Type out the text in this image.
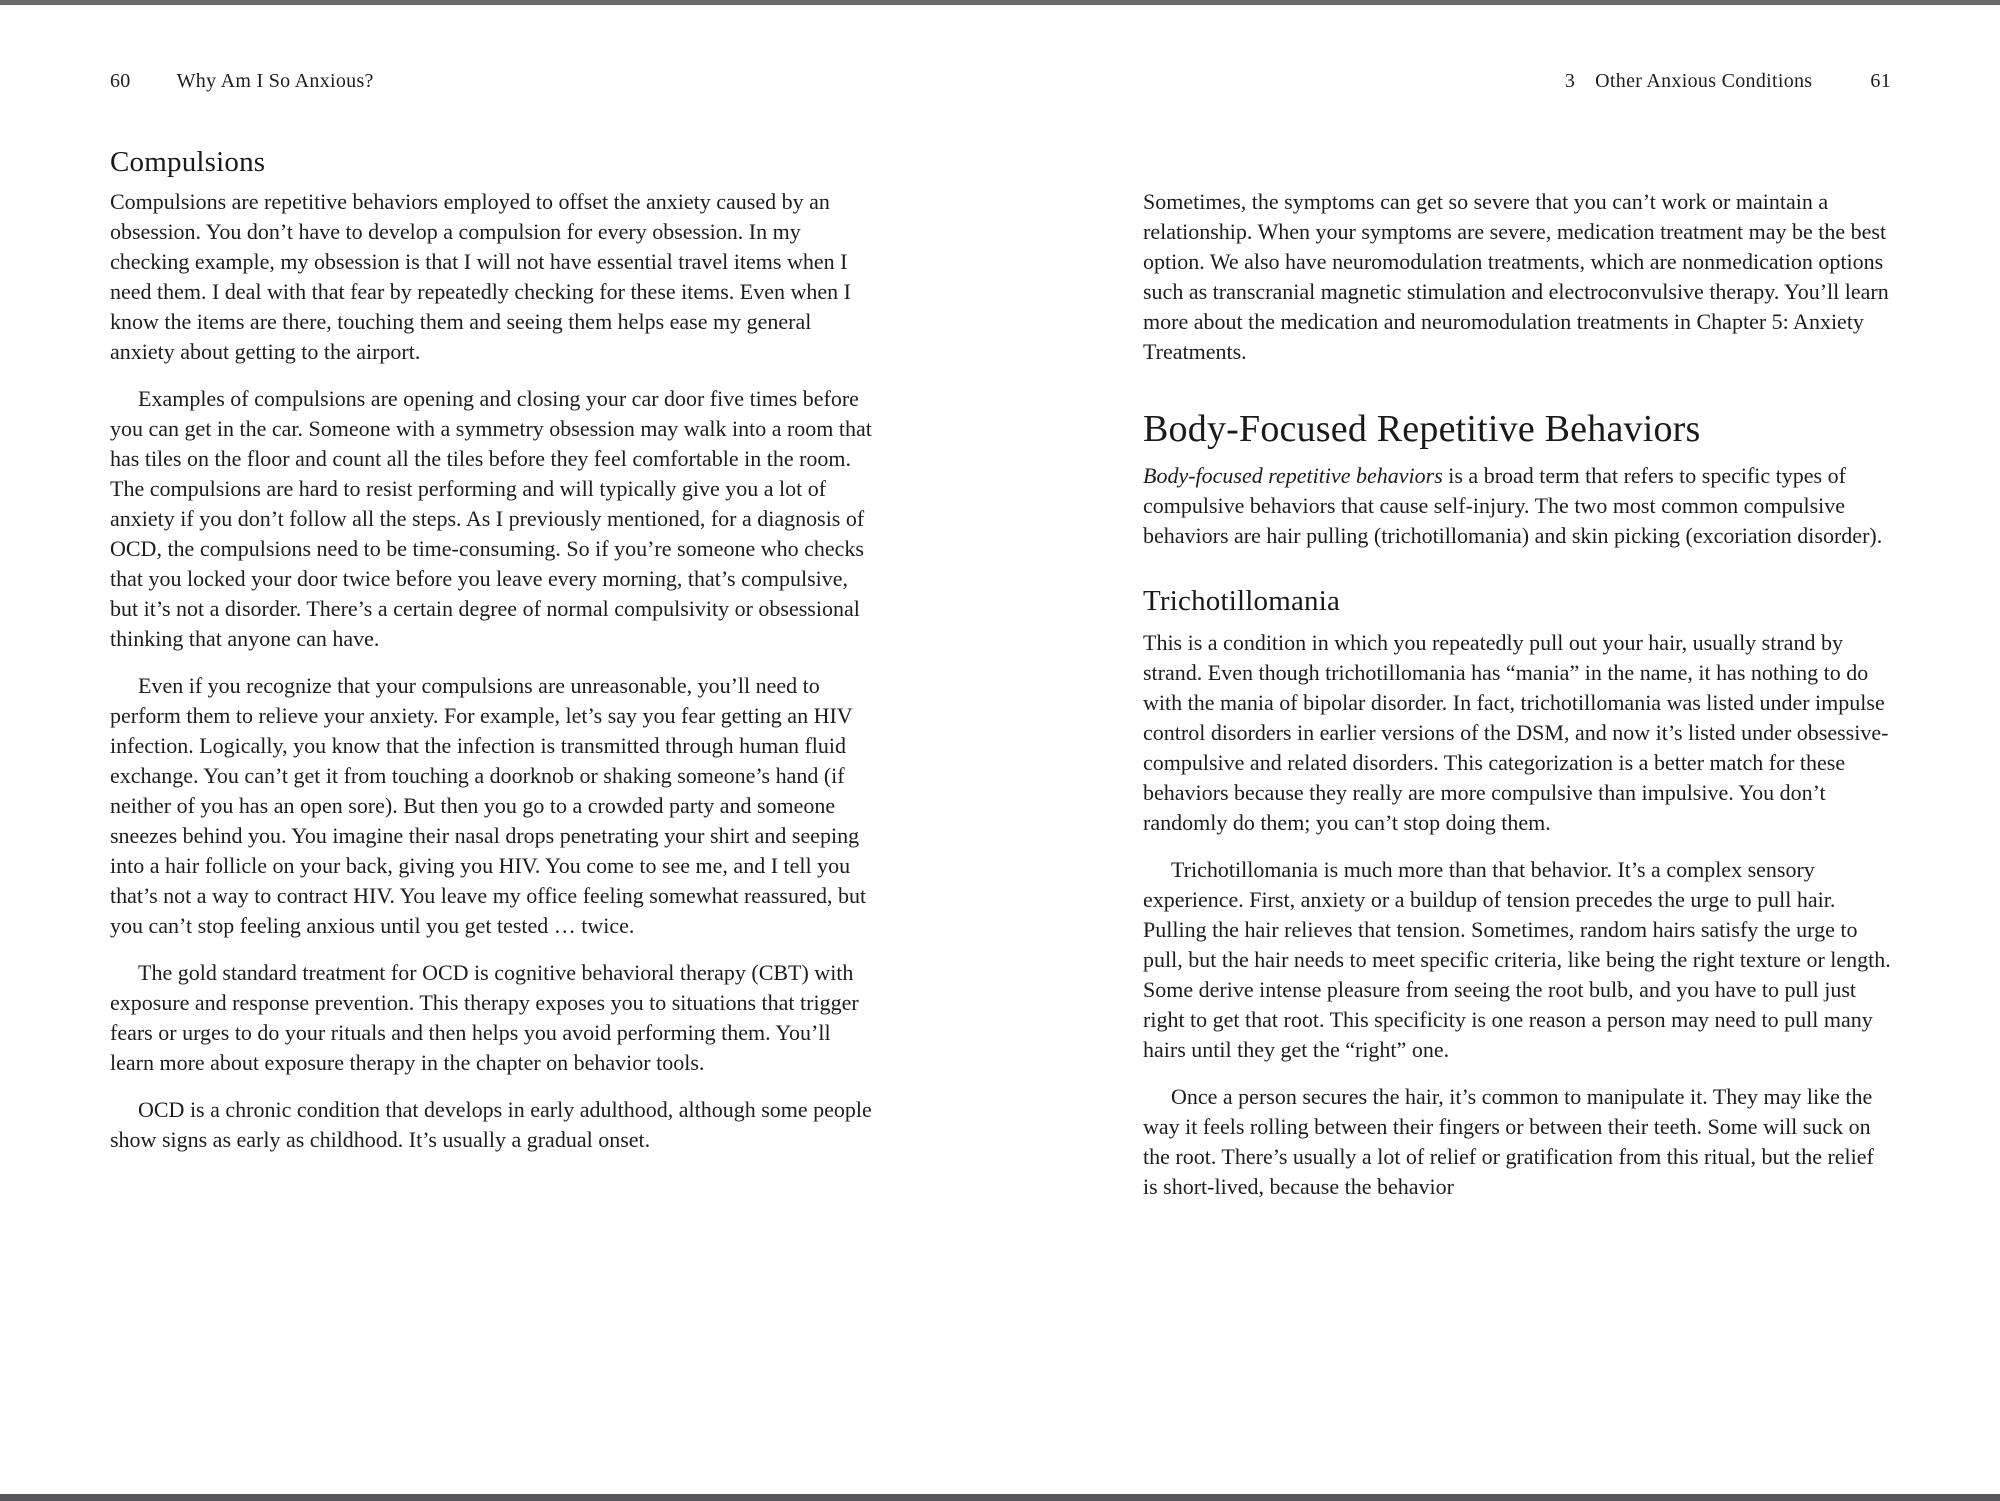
60 Why Am I So Anxious?
Compulsions

Compulsions are repetitive behaviors employed to offset the anxiety caused by an obsession. You don’t have to develop a compulsion for every obsession. In my checking example, my obsession is that I will not have essential travel items when I need them. I deal with that fear by repeatedly checking for these items. Even when I know the items are there, touching them and seeing them helps ease my general anxiety about getting to the airport.

Examples of compulsions are opening and closing your car door five times before you can get in the car. Someone with a symmetry obsession may walk into a room that has tiles on the floor and count all the tiles before they feel comfortable in the room. The compulsions are hard to resist performing and will typically give you a lot of anxiety if you don’t follow all the steps. As I previously mentioned, for a diagnosis of OCD, the compulsions need to be time-consuming. So if you’re someone who checks that you locked your door twice before you leave every morning, that’s compulsive, but it’s not a disorder. There’s a certain degree of normal compulsivity or obsessional thinking that anyone can have.

Even if you recognize that your compulsions are unreasonable, you’ll need to perform them to relieve your anxiety. For example, let’s say you fear getting an HIV infection. Logically, you know that the infection is transmitted through human fluid exchange. You can’t get it from touching a doorknob or shaking someone’s hand (if neither of you has an open sore). But then you go to a crowded party and someone sneezes behind you. You imagine their nasal drops penetrating your shirt and seeping into a hair follicle on your back, giving you HIV. You come to see me, and I tell you that’s not a way to contract HIV. You leave my office feeling somewhat reassured, but you can’t stop feeling anxious until you get tested … twice.

The gold standard treatment for OCD is cognitive behavioral therapy (CBT) with exposure and response prevention. This therapy exposes you to situations that trigger fears or urges to do your rituals and then helps you avoid performing them. You’ll learn more about exposure therapy in the chapter on behavior tools.

OCD is a chronic condition that develops in early adulthood, although some people show signs as early as childhood. It’s usually a gradual onset.

3 Other Anxious Conditions	61

Sometimes, the symptoms can get so severe that you can’t work or maintain a relationship. When your symptoms are severe, medication treatment may be the best option. We also have neuromodulation treatments, which are nonmedication options such as transcranial magnetic stimulation and electroconvulsive therapy. You’ll learn more about the medication and neuromodulation treatments in Chapter 5: Anxiety Treatments.

Body-Focused Repetitive Behaviors

Body-focused repetitive behaviors is a broad term that refers to specific types of compulsive behaviors that cause self-injury. The two most common compulsive behaviors are hair pulling (trichotillomania) and skin picking (excoriation disorder).

Trichotillomania

This is a condition in which you repeatedly pull out your hair, usually strand by strand. Even though trichotillomania has “mania” in the name, it has nothing to do with the mania of bipolar disorder. In fact, trichotillomania was listed under impulse control disorders in earlier versions of the DSM, and now it’s listed under obsessive-compulsive and related disorders. This categorization is a better match for these behaviors because they really are more compulsive than impulsive. You don’t randomly do them; you can’t stop doing them.

Trichotillomania is much more than that behavior. It’s a complex sensory experience. First, anxiety or a buildup of tension precedes the urge to pull hair. Pulling the hair relieves that tension. Sometimes, random hairs satisfy the urge to pull, but the hair needs to meet specific criteria, like being the right texture or length. Some derive intense pleasure from seeing the root bulb, and you have to pull just right to get that root. This specificity is one reason a person may need to pull many hairs until they get the “right” one.

Once a person secures the hair, it’s common to manipulate it. They may like the way it feels rolling between their fingers or between their teeth. Some will suck on the root. There’s usually a lot of relief or gratification from this ritual, but the relief is short-lived, because the behavior
